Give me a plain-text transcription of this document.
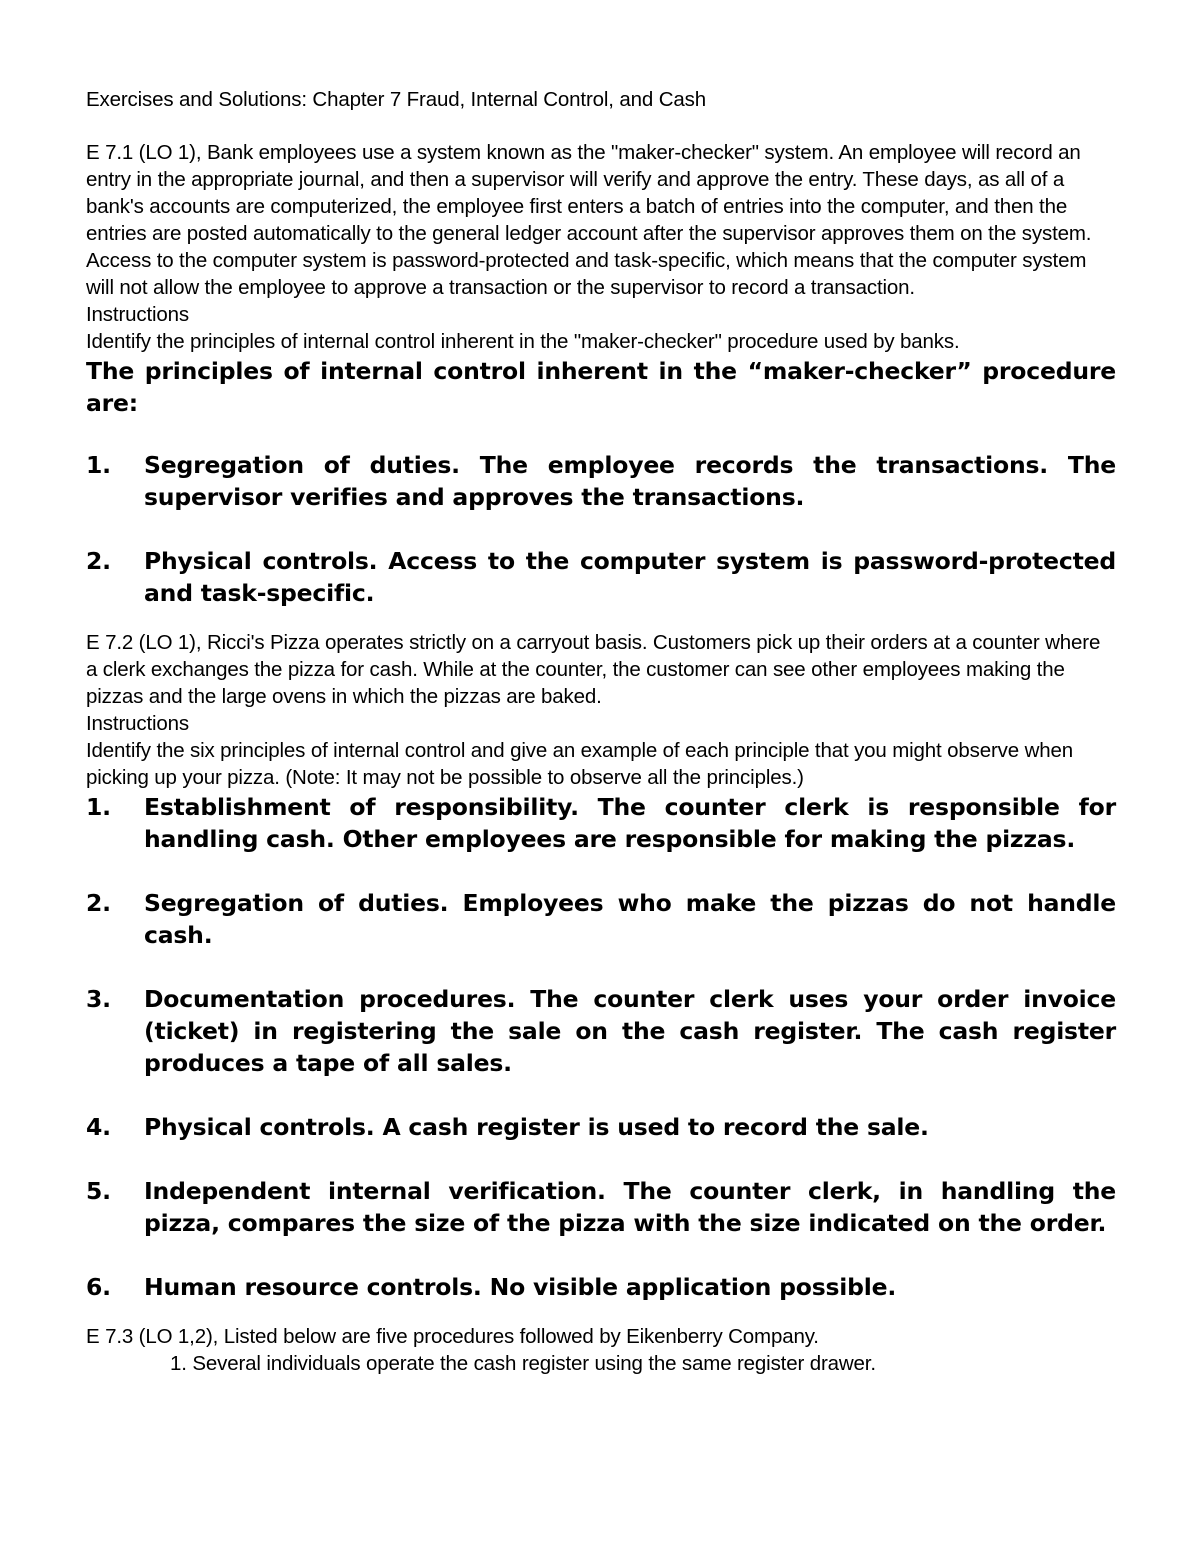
Exercises and Solutions: Chapter 7 Fraud, Internal Control, and Cash

E 7.1 (LO 1), Bank employees use a system known as the "maker-checker" system. An employee will record an entry in the appropriate journal, and then a supervisor will verify and approve the entry. These days, as all of a bank's accounts are computerized, the employee first enters a batch of entries into the computer, and then the entries are posted automatically to the general ledger account after the supervisor approves them on the system.

Access to the computer system is password-protected and task-specific, which means that the computer system will not allow the employee to approve a transaction or the supervisor to record a transaction.

Instructions

Identify the principles of internal control inherent in the "maker-checker" procedure used by banks.

The principles of internal control inherent in the “maker-checker” procedure are:

1. Segregation of duties. The employee records the transactions. The supervisor verifies and approves the transactions.
2. Physical controls. Access to the computer system is password-protected and task-specific.

E 7.2 (LO 1), Ricci's Pizza operates strictly on a carryout basis. Customers pick up their orders at a counter where a clerk exchanges the pizza for cash. While at the counter, the customer can see other employees making the pizzas and the large ovens in which the pizzas are baked.

Instructions

Identify the six principles of internal control and give an example of each principle that you might observe when picking up your pizza. (Note: It may not be possible to observe all the principles.)

1. Establishment of responsibility. The counter clerk is responsible for handling cash. Other employees are responsible for making the pizzas.
2. Segregation of duties. Employees who make the pizzas do not handle cash.
3. Documentation procedures. The counter clerk uses your order invoice (ticket) in registering the sale on the cash register. The cash register produces a tape of all sales.
4. Physical controls. A cash register is used to record the sale.
5. Independent internal verification. The counter clerk, in handling the pizza, compares the size of the pizza with the size indicated on the order.
6. Human resource controls. No visible application possible.

E 7.3 (LO 1,2), Listed below are five procedures followed by Eikenberry Company.

1. Several individuals operate the cash register using the same register drawer.
